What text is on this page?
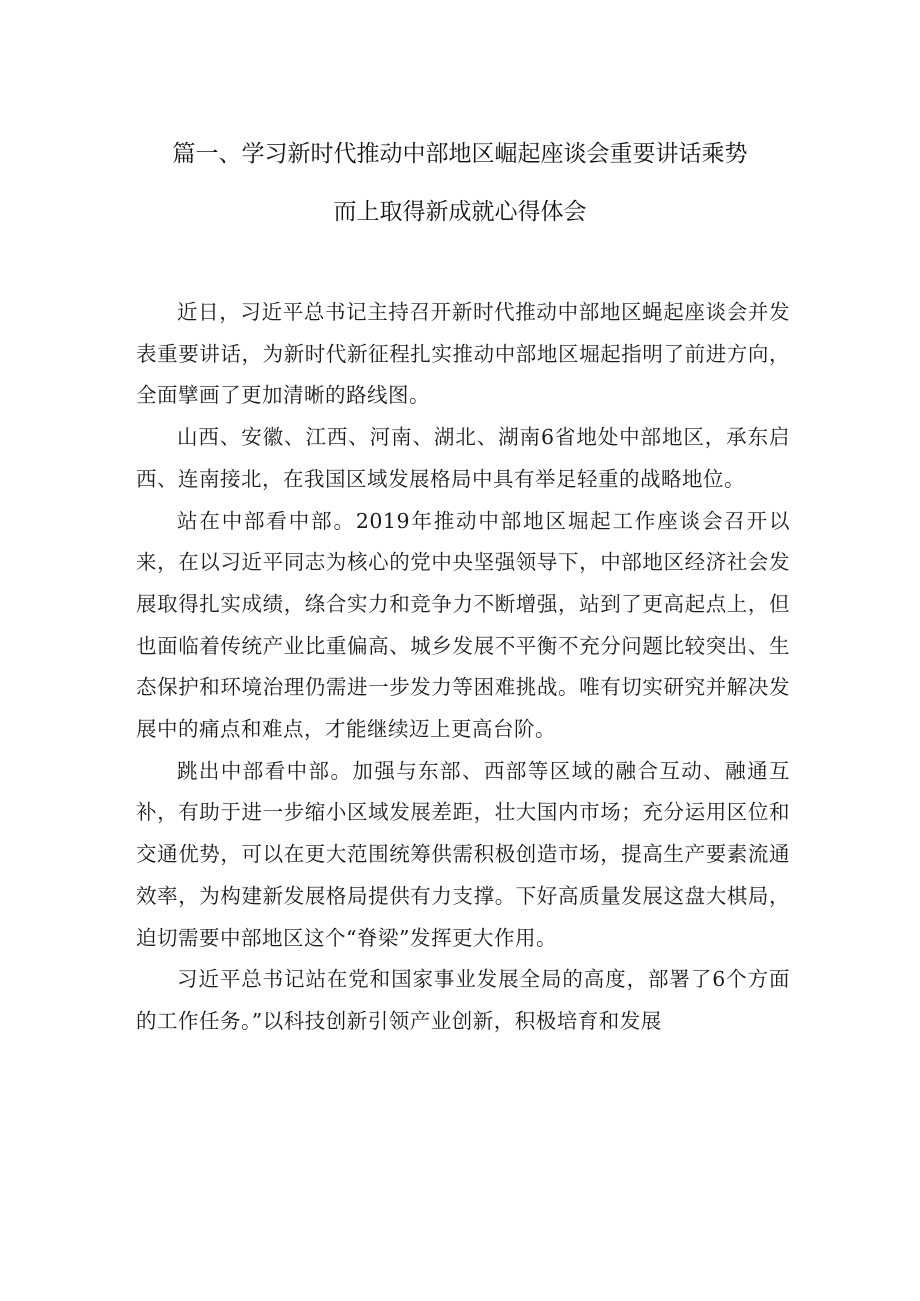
篇一、学习新时代推动中部地区崛起座谈会重要讲话乘势
而上取得新成就心得体会

近日，习近平总书记主持召开新时代推动中部地区蝇起座谈会并发表重要讲话，为新时代新征程扎实推动中部地区堀起指明了前进方向，全面擘画了更加清晰的路线图。

山西、安徽、江西、河南、湖北、湖南6省地处中部地区，承东启西、连南接北，在我国区域发展格局中具有举足轻重的战略地位。

站在中部看中部。2019年推动中部地区堀起工作座谈会召开以来，在以习近平同志为核心的党中央坚强领导下，中部地区经济社会发展取得扎实成绩，绦合实力和竞争力不断增强，站到了更高起点上，但也面临着传统产业比重偏高、城乡发展不平衡不充分问题比较突出、生态保护和环境治理仍需进一步发力等困难挑战。唯有切实研究并解决发展中的痛点和难点，才能继续迈上更高台阶。

跳出中部看中部。加强与东部、西部等区域的融合互动、融通互补，有助于进一步缩小区域发展差距，壮大国内市场；充分运用区位和交通优势，可以在更大范围统筹供需积极创造市场，提高生产要素流通效率，为构建新发展格局提供有力支撑。下好高质量发展这盘大棋局，迫切需要中部地区这个“脊梁”发挥更大作用。

习近平总书记站在党和国家事业发展全局的高度，部署了6个方面的工作任务。”以科技创新引领产业创新，积极培育和发展
